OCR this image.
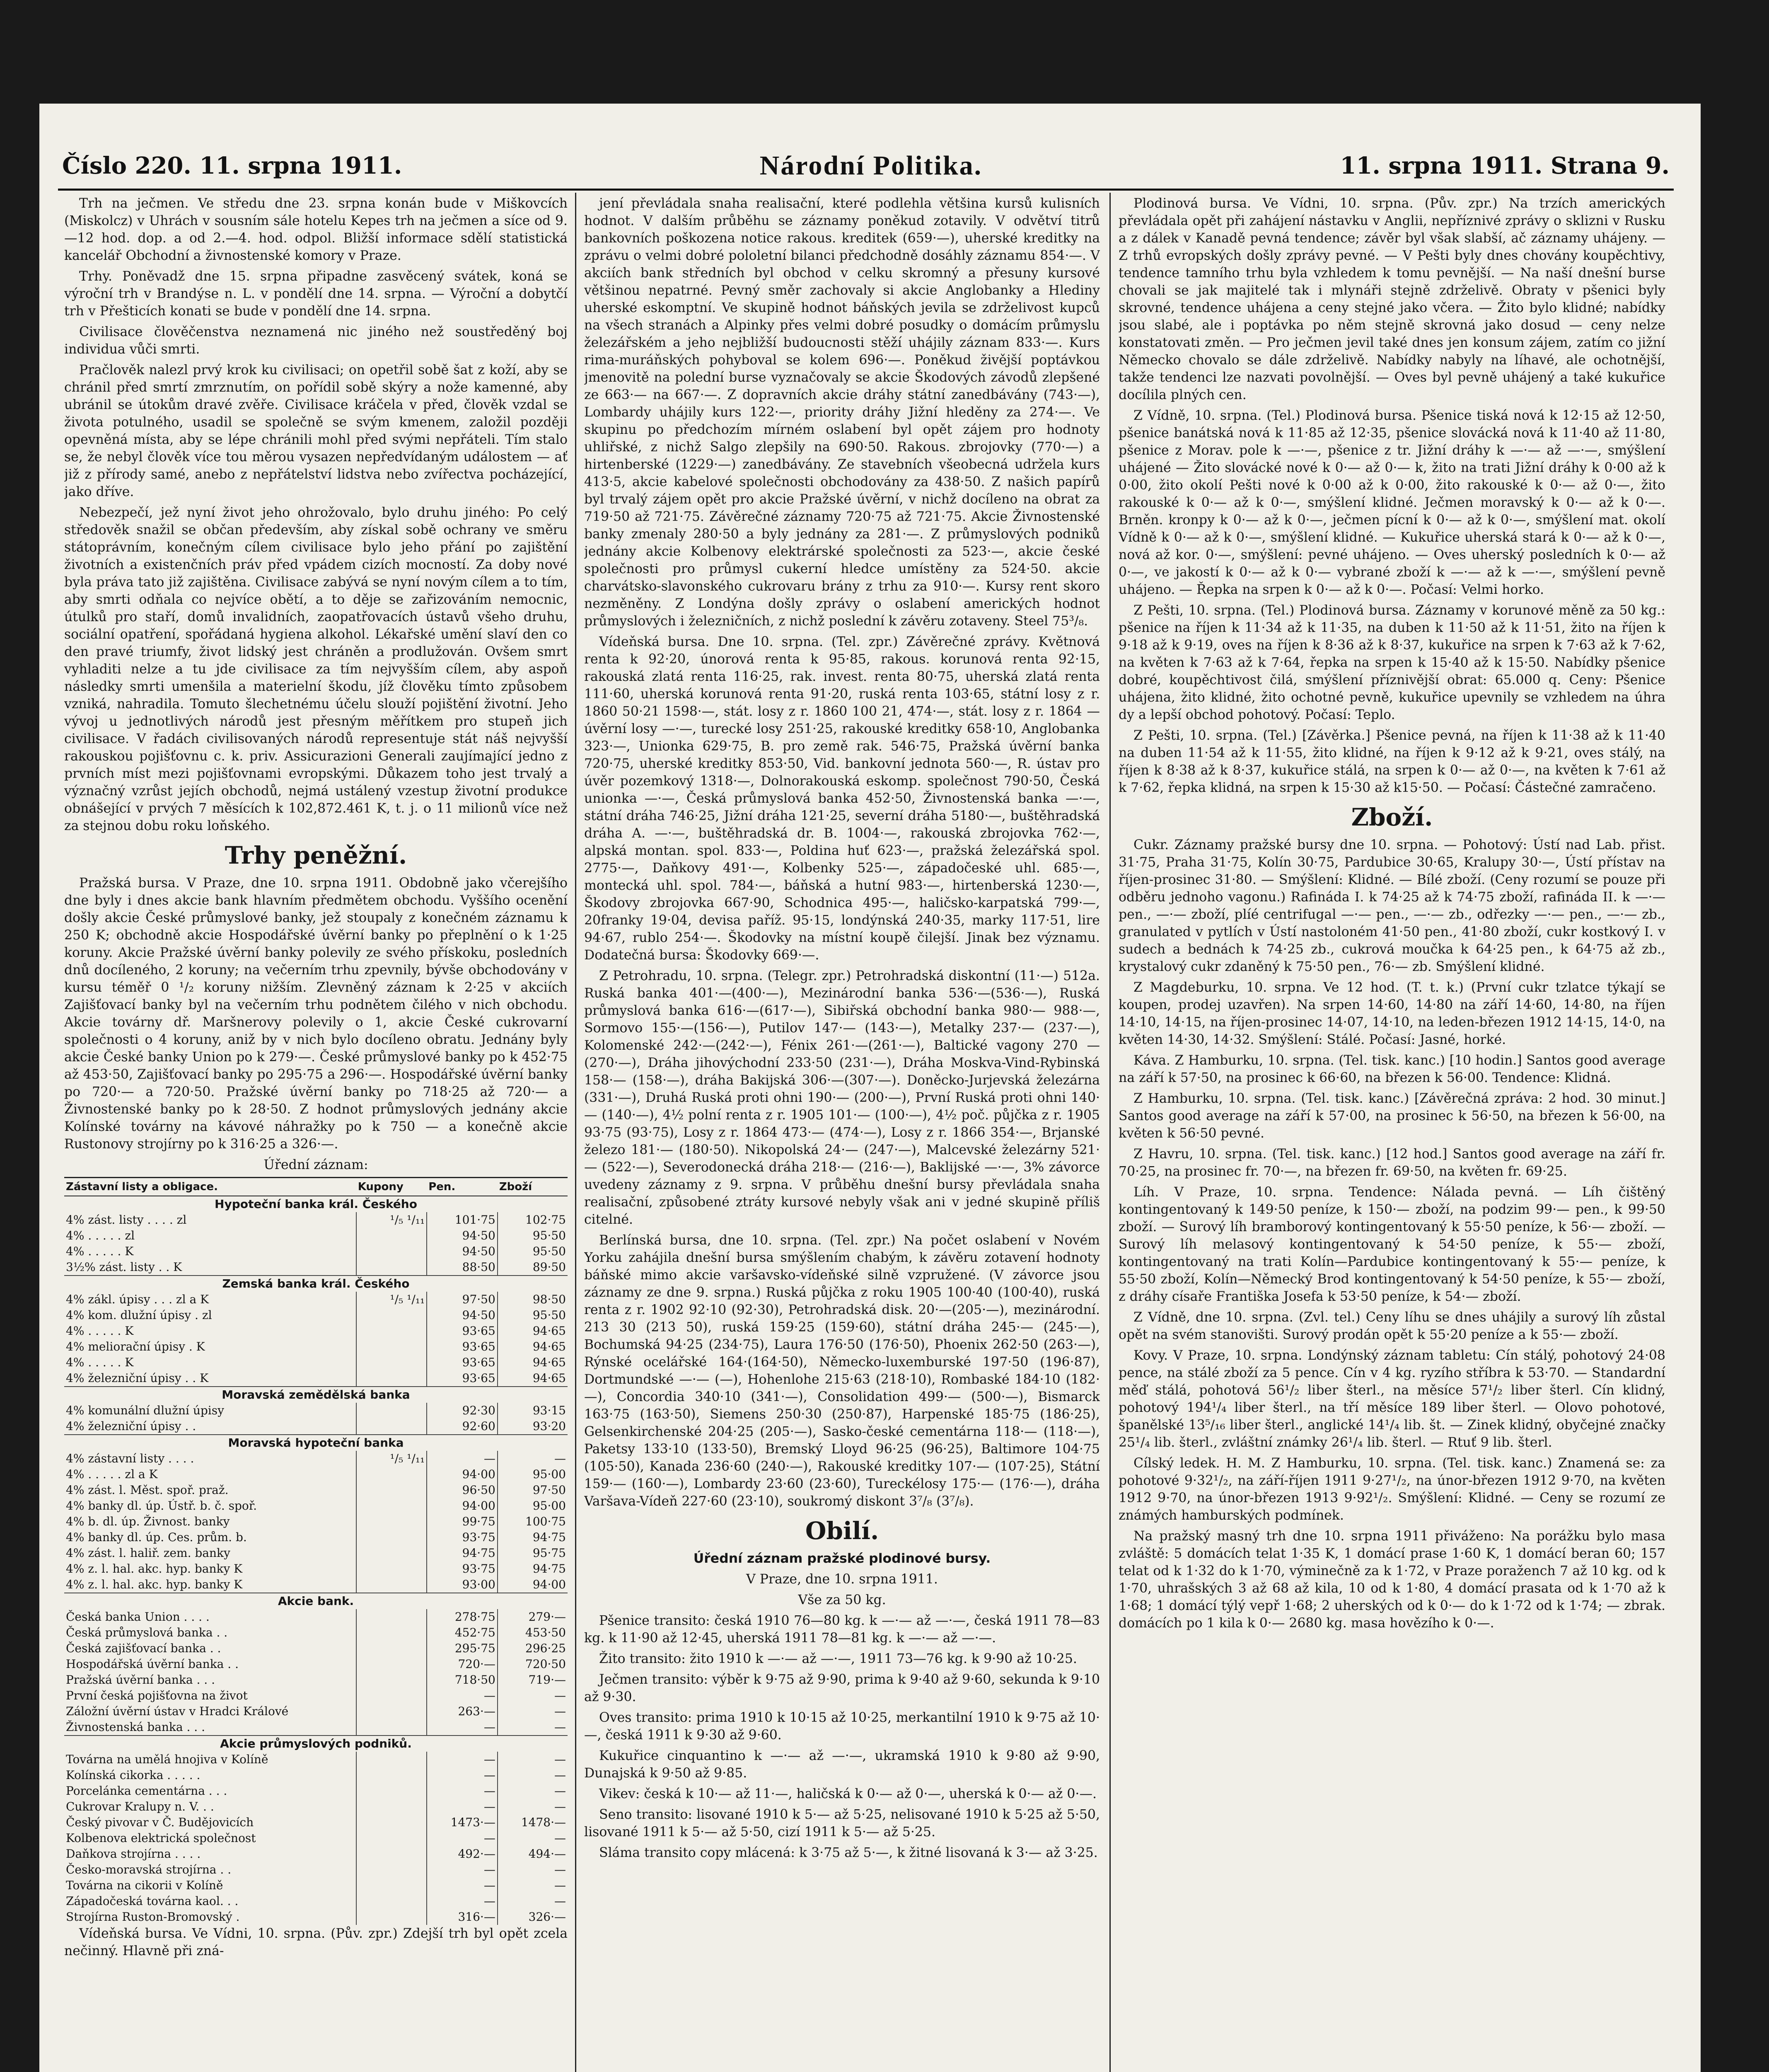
Číslo 220. 11. srpna 1911.	Národní Politika.	11. srpna 1911. Strana 9.

Trh na ječmen. Ve středu dne 23. srpna konán bude v Miškovcích (Miskolcz) v Uhrách v sousním sále hotelu Kepes trh na ječmen a síce od 9.—12 hod. dop. a od 2.—4. hod. odpol. Bližší informace sdělí statistická kancelář Obchodní a živnostenské komory v Praze.

Trhy. Poněvadž dne 15. srpna připadne zasvěcený svátek, koná se výroční trh v Brandýse n. L. v pondělí dne 14. srpna. — Výroční a dobytčí trh v Přešticích konati se bude v pondělí dne 14. srpna.

Civilisace člověčenstva neznamená nic jiného než soustředěný boj individua vůči smrti.

Pračlověk nalezl prvý krok ku civilisaci; on opetřil sobě šat z koží, aby se chránil před smrtí zmrznutím, on pořídil sobě skýry a nože kamenné, aby ubránil se útokům dravé zvěře. Civilisace kráčela v před, člověk vzdal se života potulného, usadil se společně se svým kmenem, založil později opevněná místa, aby se lépe chránili mohl před svými nepřáteli. Tím stalo se, že nebyl člověk více tou měrou vysazen nepředvídaným událostem — ať již z přírody samé, anebo z nepřátelství lidstva nebo zvířectva pocházející, jako dříve.

Nebezpečí, jež nyní život jeho ohrožovalo, bylo druhu jiného: Po celý středověk snažil se občan především, aby získal sobě ochrany ve směru státoprávním, konečným cílem civilisace bylo jeho přání po zajištění životních a existenčních práv před vpádem cizích mocností. Za doby nové byla práva tato již zajištěna. Civilisace zabývá se nyní novým cílem a to tím, aby smrti odňala co nejvíce obětí, a to děje se zařizováním nemocnic, útulků pro staří, domů invalidních, zaopatřovacích ústavů všeho druhu, sociální opatření, spořádaná hygiena alkohol. Lékařské umění slaví den co den pravé triumfy, život lidský jest chráněn a prodlužován. Ovšem smrt vyhladiti nelze a tu jde civilisace za tím nejvyšším cílem, aby aspoň následky smrti umenšila a materielní škodu, jíž člověku tímto způsobem vzniká, nahradila. Tomuto šlechetnému účelu slouží pojištění životní. Jeho vývoj u jednotlivých národů jest přesným měřítkem pro stupeň jich civilisace. V řadách civilisovaných národů representuje stát náš nejvyšší rakouskou pojišťovnu c. k. priv. Assicurazioni Generali zaujímající jedno z prvních míst mezi pojišťovnami evropskými. Důkazem toho jest trvalý a význačný vzrůst jejích obchodů, nejmá ustálený vzestup životní produkce obnášející v prvých 7 měsících k 102,872.461 K, t. j. o 11 milionů více než za stejnou dobu roku loňského.

Trhy peněžní.

Pražská bursa. V Praze, dne 10. srpna 1911. Obdobně jako včerejšího dne byly i dnes akcie bank hlavním předmětem obchodu. Vyššího ocenění došly akcie České průmyslové banky, jež stoupaly z konečném záznamu k 250 K; obchodně akcie Hospodářské úvěrní banky po přeplnění o k 1·25 koruny. Akcie Pražské úvěrní banky polevily ze svého přískoku, posledních dnů docíleného, 2 koruny; na večerním trhu zpevnily, bývše obchodovány v kursu téměř 0 ¹/₂ koruny nižším. Zlevněný záznam k 2·25 v akciích Zajišťovací banky byl na večerním trhu podnětem čilého v nich obchodu. Akcie továrny dř. Maršnerovy polevily o 1, akcie České cukrovarní společnosti o 4 koruny, aniž by v nich bylo docíleno obratu. Jednány byly akcie České banky Union po k 279·—. České průmyslové banky po k 452·75 až 453·50, Zajišťovací banky po 295·75 a 296·—. Hospodářské úvěrní banky po 720·— a 720·50. Pražské úvěrní banky po 718·25 až 720·— a Živnostenské banky po k 28·50. Z hodnot průmyslových jednány akcie Kolínské továrny na kávové náhražky po k 750 — a konečně akcie Rustonovy strojírny po k 316·25 a 326·—.

Úřední záznam:

Zástavní listy a obligace.	Kupony	Pen.	Zboží
Hypoteční banka král. Českého			
4% zást. listy . . . . zl	¹/₅ ¹/₁₁	101·75	102·75
4% . . . . . zl		94·50	95·50
4% . . . . . K		94·50	95·50
3½% zást. listy . . K		88·50	89·50
Zemská banka král. Českého			
4% zákl. úpisy . . . zl a K	¹/₅ ¹/₁₁	97·50	98·50
4% kom. dlužní úpisy . zl		94·50	95·50
4% . . . . . K		93·65	94·65
4% meliorační úpisy . K		93·65	94·65
4% . . . . . K		93·65	94·65
4% železniční úpisy . . K		93·65	94·65
Moravská zemědělská banka			
4% komunální dlužní úpisy		92·30	93·15
4% železniční úpisy . .		92·60	93·20
Moravská hypoteční banka			
4% zástavní listy . . . .	¹/₅ ¹/₁₁	—	—
4% . . . . . zl a K		94·00	95·00
4% zást. l. Měst. spoř. praž.		96·50	97·50
4% banky dl. úp. Ústř. b. č. spoř.		94·00	95·00
4% b. dl. úp. Živnost. banky		99·75	100·75
4% banky dl. úp. Ces. prům. b.		93·75	94·75
4% zást. l. haliř. zem. banky		94·75	95·75
4% z. l. hal. akc. hyp. banky K		93·75	94·75
4% z. l. hal. akc. hyp. banky K		93·00	94·00
Akcie bank.			
Česká banka Union . . . .		278·75	279·—
Česká průmyslová banka . .		452·75	453·50
Česká zajišťovací banka . .		295·75	296·25
Hospodářská úvěrní banka . .		720·—	720·50
Pražská úvěrní banka . . .		718·50	719·—
První česká pojišťovna na život		—	—
Záložní úvěrní ústav v Hradci Králové		263·—	—
Živnostenská banka . . .		—	—
Akcie průmyslových podniků.			
Továrna na umělá hnojiva v Kolíně		—	—
Kolínská cikorka . . . . .		—	—
Porcelánka cementárna . . .		—	—
Cukrovar Kralupy n. V. . .		—	—
Český pivovar v Č. Budějovicích		1473·—	1478·—
Kolbenova elektrická společnost		—	—
Daňkova strojírna . . . .		492·—	494·—
Česko-moravská strojírna . .		—	—
Továrna na cikorii v Kolíně		—	—
Západočeská továrna kaol. . .		—	—
Strojírna Ruston-Bromovský .		316·—	326·—

Vídeňská bursa. Ve Vídni, 10. srpna. (Pův. zpr.) Zdejší trh byl opět zcela nečinný. Hlavně při zná-

jení převládala snaha realisační, které podlehla většina kursů kulisních hodnot. V dalším průběhu se záznamy poněkud zotavily. V odvětví titrů bankovních poškozena notice rakous. kreditek (659·—), uherské kreditky na zprávu o velmi dobré pololetní bilanci předchodně dosáhly záznamu 854·—. V akciích bank středních byl obchod v celku skromný a přesuny kursové většinou nepatrné. Pevný směr zachovaly si akcie Anglobanky a Hlediny uherské eskomptní. Ve skupině hodnot báňských jevila se zdrželivost kupců na všech stranách a Alpinky přes velmi dobré posudky o domácím průmyslu železářském a jeho nejbližší budoucnosti stěží uhájily záznam 833·—. Kurs rima-muráňských pohyboval se kolem 696·—. Poněkud živější poptávkou jmenovitě na polední burse vyznačovaly se akcie Škodových závodů zlepšené ze 663·— na 667·—. Z dopravních akcie dráhy státní zanedbávány (743·—), Lombardy uhájily kurs 122·—, priority dráhy Jižní hleděny za 274·—. Ve skupinu po předchozím mírném oslabení byl opět zájem pro hodnoty uhliřské, z nichž Salgo zlepšily na 690·50. Rakous. zbrojovky (770·—) a hirtenberské (1229·—) zanedbávány. Ze stavebních všeobecná udržela kurs 413·5, akcie kabelové společnosti obchodovány za 438·50. Z našich papírů byl trvalý zájem opět pro akcie Pražské úvěrní, v nichž docíleno na obrat za 719·50 až 721·75. Závěrečné záznamy 720·75 až 721·75. Akcie Živnostenské banky zmenaly 280·50 a byly jednány za 281·—. Z průmyslových podniků jednány akcie Kolbenovy elektrárské společnosti za 523·—, akcie české společnosti pro průmysl cukerní hledce umístěny za 524·50. akcie charvátsko-slavonského cukrovaru brány z trhu za 910·—. Kursy rent skoro nezměněny. Z Londýna došly zprávy o oslabení amerických hodnot průmyslových i železničních, z nichž poslední k závěru zotaveny. Steel 75³/₈.

Vídeňská bursa. Dne 10. srpna. (Tel. zpr.) Závěrečné zprávy. Květnová renta k 92·20, únorová renta k 95·85, rakous. korunová renta 92·15, rakouská zlatá renta 116·25, rak. invest. renta 80·75, uherská zlatá renta 111·60, uherská korunová renta 91·20, ruská renta 103·65, státní losy z r. 1860 50·21 1598·—, stát. losy z r. 1860 100 21, 474·—, stát. losy z r. 1864 — úvěrní losy —·—, turecké losy 251·25, rakouské kreditky 658·10, Anglobanka 323·—, Unionka 629·75, B. pro země rak. 546·75, Pražská úvěrní banka 720·75, uherské kreditky 853·50, Vid. bankovní jednota 560·—, R. ústav pro úvěr pozemkový 1318·—, Dolnorakouská eskomp. společnost 790·50, Česká unionka —·—, Česká průmyslová banka 452·50, Živnostenská banka —·—, státní dráha 746·25, Jižní dráha 121·25, severní dráha 5180·—, buštěhradská dráha A. —·—, buštěhradská dr. B. 1004·—, rakouská zbrojovka 762·—, alpská montan. spol. 833·—, Poldina huť 623·—, pražská železářská spol. 2775·—, Daňkovy 491·—, Kolbenky 525·—, západočeské uhl. 685·—, montecká uhl. spol. 784·—, báňská a hutní 983·—, hirtenberská 1230·—, Škodovy zbrojovka 667·90, Schodnica 495·—, haličsko-karpatská 799·—, 20franky 19·04, devisa paříž. 95·15, londýnská 240·35, marky 117·51, lire 94·67, rublo 254·—. Škodovky na místní koupě čilejší. Jinak bez významu. Dodatečná bursa: Škodovky 669·—.

Z Petrohradu, 10. srpna. (Telegr. zpr.) Petrohradská diskontní (11·—) 512a. Ruská banka 401·—(400·—), Mezinárodní banka 536·—(536·—), Ruská průmyslová banka 616·—(617·—), Sibiřská obchodní banka 980·— 988·—, Sormovo 155·—(156·—), Putilov 147·— (143·—), Metalky 237·— (237·—), Kolomenské 242·—(242·—), Fénix 261·—(261·—), Baltické vagony 270 — (270·—), Dráha jihovýchodní 233·50 (231·—), Dráha Moskva-Vind-Rybinská 158·— (158·—), dráha Bakijská 306·—(307·—). Doněcko-Jurjevská železárna (331·—), Druhá Ruská proti ohni 190·— (200·—), První Ruská proti ohni 140·— (140·—), 4½ polní renta z r. 1905 101·— (100·—), 4½ poč. půjčka z r. 1905 93·75 (93·75), Losy z r. 1864 473·— (474·—), Losy z r. 1866 354·—, Brjanské železo 181·— (180·50). Nikopolská 24·— (247·—), Malcevské železárny 521·— (522·—), Severodonecká dráha 218·— (216·—), Baklijské —·—, 3% závorce uvedeny záznamy z 9. srpna. V průběhu dnešní bursy převládala snaha realisační, způsobené ztráty kursové nebyly však ani v jedné skupině příliš citelné.

Berlínská bursa, dne 10. srpna. (Tel. zpr.) Na počet oslabení v Novém Yorku zahájila dnešní bursa smýšlením chabým, k závěru zotavení hodnoty báňské mimo akcie varšavsko-vídeňské silně vzpružené. (V závorce jsou záznamy ze dne 9. srpna.) Ruská půjčka z roku 1905 100·40 (100·40), ruská renta z r. 1902 92·10 (92·30), Petrohradská disk. 20·—(205·—), mezinárodní. 213 30 (213 50), ruská 159·25 (159·60), státní dráha 245·— (245·—), Bochumská 94·25 (234·75), Laura 176·50 (176·50), Phoenix 262·50 (263·—), Rýnské ocelářské 164·(164·50), Německo-luxemburské 197·50 (196·87), Dortmundské —·— (—), Hohenlohe 215·63 (218·10), Rombaské 184·10 (182·—), Concordia 340·10 (341·—), Consolidation 499·— (500·—), Bismarck 163·75 (163·50), Siemens 250·30 (250·87), Harpenské 185·75 (186·25), Gelsenkirchenské 204·25 (205·—), Sasko-české cementárna 118·— (118·—), Paketsy 133·10 (133·50), Bremský Lloyd 96·25 (96·25), Baltimore 104·75 (105·50), Kanada 236·60 (240·—), Rakouské kreditky 107·— (107·25), Státní 159·— (160·—), Lombardy 23·60 (23·60), Tureckélosy 175·— (176·—), dráha Varšava-Vídeň 227·60 (23·10), soukromý diskont 3⁷/₈ (3⁷/₈).

Obilí.

Úřední záznam pražské plodinové bursy.

V Praze, dne 10. srpna 1911.

Vše za 50 kg.

Pšenice transito: česká 1910 76—80 kg. k —·— až —·—, česká 1911 78—83 kg. k 11·90 až 12·45, uherská 1911 78—81 kg. k —·— až —·—.

Žito transito: žito 1910 k —·— až —·—, 1911 73—76 kg. k 9·90 až 10·25.

Ječmen transito: výběr k 9·75 až 9·90, prima k 9·40 až 9·60, sekunda k 9·10 až 9·30.

Oves transito: prima 1910 k 10·15 až 10·25, merkantilní 1910 k 9·75 až 10·—, česká 1911 k 9·30 až 9·60.

Kukuřice cinquantino k —·— až —·—, ukramská 1910 k 9·80 až 9·90, Dunajská k 9·50 až 9·85.

Vikev: česká k 10·— až 11·—, haličská k 0·— až 0·—, uherská k 0·— až 0·—.

Seno transito: lisované 1910 k 5·— až 5·25, nelisované 1910 k 5·25 až 5·50, lisované 1911 k 5·— až 5·50, cizí 1911 k 5·— až 5·25.

Sláma transito copy mlácená: k 3·75 až 5·—, k žitné lisovaná k 3·— až 3·25.

Plodinová bursa. Ve Vídni, 10. srpna. (Pův. zpr.) Na trzích amerických převládala opět při zahájení nástavku v Anglii, nepříznivé zprávy o sklizni v Rusku a z dálek v Kanadě pevná tendence; závěr byl však slabší, ač záznamy uhájeny. — Z trhů evropských došly zprávy pevné. — V Pešti byly dnes chovány koupěchtivy, tendence tamního trhu byla vzhledem k tomu pevnější. — Na naší dnešní burse chovali se jak majitelé tak i mlynáři stejně zdrželivě. Obraty v pšenici byly skrovné, tendence uhájena a ceny stejné jako včera. — Žito bylo klidné; nabídky jsou slabé, ale i poptávka po něm stejně skrovná jako dosud — ceny nelze konstatovati změn. — Pro ječmen jevil také dnes jen konsum zájem, zatím co jižní Německo chovalo se dále zdrželivě. Nabídky nabyly na líhavé, ale ochotnější, takže tendenci lze nazvati povolnější. — Oves byl pevně uhájený a také kukuřice docílila plných cen.

Z Vídně, 10. srpna. (Tel.) Plodinová bursa. Pšenice tiská nová k 12·15 až 12·50, pšenice banátská nová k 11·85 až 12·35, pšenice slovácká nová k 11·40 až 11·80, pšenice z Morav. pole k —·—, pšenice z tr. Jižní dráhy k —·— až —·—, smýšlení uhájené — Žito slovácké nové k 0·— až 0·— k, žito na trati Jižní dráhy k 0·00 až k 0·00, žito okolí Pešti nové k 0·00 až k 0·00, žito rakouské k 0·— až 0·—, žito rakouské k 0·— až k 0·—, smýšlení klidné. Ječmen moravský k 0·— až k 0·—. Brněn. kronpy k 0·— až k 0·—, ječmen pícní k 0·— až k 0·—, smýšlení mat. okolí Vídně k 0·— až k 0·—, smýšlení klidné. — Kukuřice uherská stará k 0·— až k 0·—, nová až kor. 0·—, smýšlení: pevné uhájeno. — Oves uherský posledních k 0·— až 0·—, ve jakostí k 0·— až k 0·— vybrané zboží k —·— až k —·—, smýšlení pevně uhájeno. — Řepka na srpen k 0·— až k 0·—. Počasí: Velmi horko.

Z Pešti, 10. srpna. (Tel.) Plodinová bursa. Záznamy v korunové měně za 50 kg.: pšenice na říjen k 11·34 až k 11·35, na duben k 11·50 až k 11·51, žito na říjen k 9·18 až k 9·19, oves na říjen k 8·36 až k 8·37, kukuřice na srpen k 7·63 až k 7·62, na květen k 7·63 až k 7·64, řepka na srpen k 15·40 až k 15·50. Nabídky pšenice dobré, koupěchtivost čilá, smýšlení příznivější obrat: 65.000 q. Ceny: Pšenice uhájena, žito klidné, žito ochotné pevně, kukuřice upevnily se vzhledem na úhra dy a lepší obchod pohotový. Počasí: Teplo.

Z Pešti, 10. srpna. (Tel.) [Závěrka.] Pšenice pevná, na říjen k 11·38 až k 11·40 na duben 11·54 až k 11·55, žito klidné, na říjen k 9·12 až k 9·21, oves stálý, na říjen k 8·38 až k 8·37, kukuřice stálá, na srpen k 0·— až 0·—, na květen k 7·61 až k 7·62, řepka klidná, na srpen k 15·30 až k15·50. — Počasí: Částečné zamračeno.

Zboží.

Cukr. Záznamy pražské bursy dne 10. srpna. — Pohotový: Ústí nad Lab. přist. 31·75, Praha 31·75, Kolín 30·75, Pardubice 30·65, Kralupy 30·—, Ústí přístav na říjen-prosinec 31·80. — Smýšlení: Klidné. — Bílé zboží. (Ceny rozumí se pouze při odběru jednoho vagonu.) Rafináda I. k 74·25 až k 74·75 zboží, rafináda II. k —·— pen., —·— zboží, plíé centrifugal —·— pen., —·— zb., odřezky —·— pen., —·— zb., granulated v pytlích v Ústí nastoloném 41·50 pen., 41·80 zboží, cukr kostkový I. v sudech a bednách k 74·25 zb., cukrová moučka k 64·25 pen., k 64·75 až zb., krystalový cukr zdaněný k 75·50 pen., 76·— zb. Smýšlení klidné.

Z Magdeburku, 10. srpna. Ve 12 hod. (T. t. k.) (První cukr tzlatce týkají se koupen, prodej uzavřen). Na srpen 14·60, 14·80 na září 14·60, 14·80, na říjen 14·10, 14·15, na říjen-prosinec 14·07, 14·10, na leden-březen 1912 14·15, 14·0, na květen 14·30, 14·32. Smýšlení: Stálé. Počasí: Jasné, horké.

Káva. Z Hamburku, 10. srpna. (Tel. tisk. kanc.) [10 hodin.] Santos good average na září k 57·50, na prosinec k 66·60, na březen k 56·00. Tendence: Klidná.

Z Hamburku, 10. srpna. (Tel. tisk. kanc.) [Závěrečná zpráva: 2 hod. 30 minut.] Santos good average na září k 57·00, na prosinec k 56·50, na březen k 56·00, na květen k 56·50 pevné.

Z Havru, 10. srpna. (Tel. tisk. kanc.) [12 hod.] Santos good average na září fr. 70·25, na prosinec fr. 70·—, na březen fr. 69·50, na květen fr. 69·25.

Líh. V Praze, 10. srpna. Tendence: Nálada pevná. — Líh čištěný kontingentovaný k 149·50 peníze, k 150·— zboží, na podzim 99·— pen., k 99·50 zboží. — Surový líh bramborový kontingentovaný k 55·50 peníze, k 56·— zboží. — Surový líh melasový kontingentovaný k 54·50 peníze, k 55·— zboží, kontingentovaný na trati Kolín—Pardubice kontingentovaný k 55·— peníze, k 55·50 zboží, Kolín—Německý Brod kontingentovaný k 54·50 peníze, k 55·— zboží, z dráhy císaře Františka Josefa k 53·50 peníze, k 54·— zboží.

Z Vídně, dne 10. srpna. (Zvl. tel.) Ceny líhu se dnes uhájily a surový líh zůstal opět na svém stanovišti. Surový prodán opět k 55·20 peníze a k 55·— zboží.

Kovy. V Praze, 10. srpna. Londýnský záznam tabletu: Cín stálý, pohotový 24·08 pence, na stálé zboží za 5 pence. Cín v 4 kg. ryzího stříbra k 53·70. — Standardní měď stálá, pohotová 56¹/₂ liber šterl., na měsíce 57¹/₂ liber šterl. Cín klidný, pohotový 194¹/₄ liber šterl., na tří měsíce 189 liber šterl. — Olovo pohotové, španělské 13⁵/₁₆ liber šterl., anglické 14¹/₄ lib. št. — Zinek klidný, obyčejné značky 25¹/₄ lib. šterl., zvláštní známky 26¹/₄ lib. šterl. — Rtuť 9 lib. šterl.

Cílský ledek. H. M. Z Hamburku, 10. srpna. (Tel. tisk. kanc.) Znamená se: za pohotové 9·32¹/₂, na září-říjen 1911 9·27¹/₂, na únor-březen 1912 9·70, na květen 1912 9·70, na únor-březen 1913 9·92¹/₂. Smýšlení: Klidné. — Ceny se rozumí ze známých hamburských podmínek.

Na pražský masný trh dne 10. srpna 1911 přiváženo: Na porážku bylo masa zvláště: 5 domácích telat 1·35 K, 1 domácí prase 1·60 K, 1 domácí beran 60; 157 telat od k 1·32 do k 1·70, výminečně za k 1·72, v Praze poražench 7 až 10 kg. od k 1·70, uhrašských 3 až 68 až kila, 10 od k 1·80, 4 domácí prasata od k 1·70 až k 1·68; 1 domácí týlý vepř 1·68; 2 uherských od k 0·— do k 1·72 od k 1·74; — zbrak. domácích po 1 kila k 0·— 2680 kg. masa hovězího k 0·—.
